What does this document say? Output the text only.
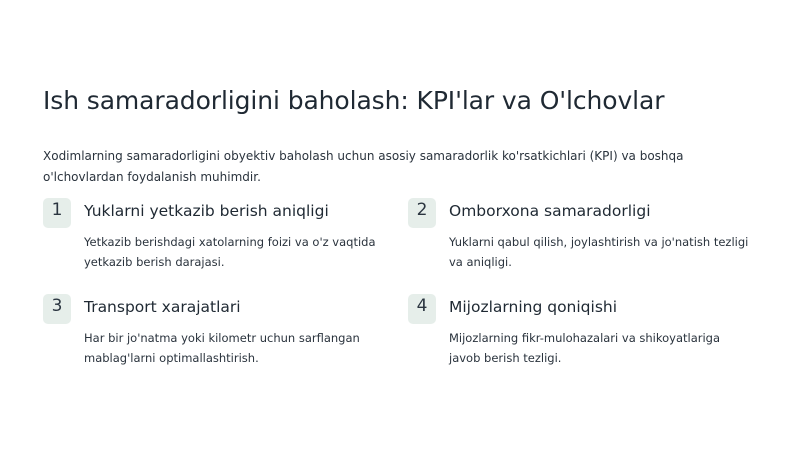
Ish samaradorligini baholash: KPI'lar va O'lchovlar

Xodimlarning samaradorligini obyektiv baholash uchun asosiy samaradorlik ko'rsatkichlari (KPI) va boshqa o'lchovlardan foydalanish muhimdir.

1	Yuklarni yetkazib berish aniqligi

Yetkazib berishdagi xatolarning foizi va o'z vaqtida yetkazib berish darajasi.

2	Omborxona samaradorligi

Yuklarni qabul qilish, joylashtirish va jo'natish tezligi va aniqligi.

3	Transport xarajatlari

Har bir jo'natma yoki kilometr uchun sarflangan mablag'larni optimallashtirish.

4	Mijozlarning qoniqishi

Mijozlarning fikr-mulohazalari va shikoyatlariga javob berish tezligi.
